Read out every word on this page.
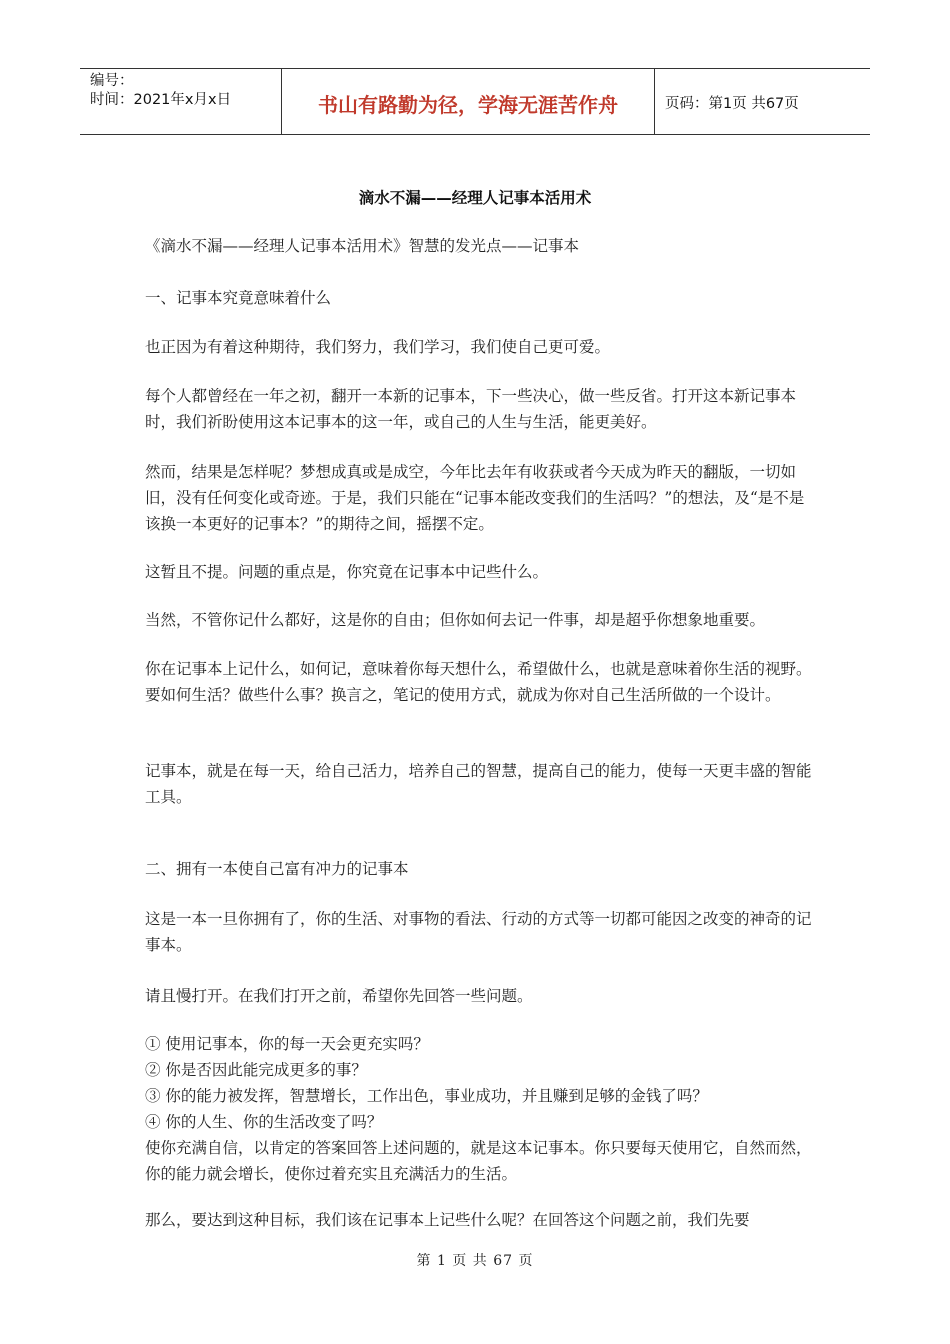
编号：
时间：2021年x月x日	书山有路勤为径，学海无涯苦作舟	页码：第1页 共67页
滴水不漏——经理人记事本活用术

《滴水不漏——经理人记事本活用术》智慧的发光点——记事本

一、记事本究竟意味着什么

也正因为有着这种期待，我们努力，我们学习，我们使自己更可爱。

每个人都曾经在一年之初，翻开一本新的记事本，下一些决心，做一些反省。打开这本新记事本时，我们祈盼使用这本记事本的这一年，或自己的人生与生活，能更美好。

然而，结果是怎样呢？梦想成真或是成空，今年比去年有收获或者今天成为昨天的翻版，一切如旧，没有任何变化或奇迹。于是，我们只能在“记事本能改变我们的生活吗？”的想法，及“是不是该换一本更好的记事本？”的期待之间，摇摆不定。

这暂且不提。问题的重点是，你究竟在记事本中记些什么。

当然，不管你记什么都好，这是你的自由；但你如何去记一件事，却是超乎你想象地重要。

你在记事本上记什么，如何记，意味着你每天想什么，希望做什么，也就是意味着你生活的视野。要如何生活？做些什么事？换言之，笔记的使用方式，就成为你对自己生活所做的一个设计。

记事本，就是在每一天，给自己活力，培养自己的智慧，提高自己的能力，使每一天更丰盛的智能工具。

二、拥有一本使自己富有冲力的记事本

这是一本一旦你拥有了，你的生活、对事物的看法、行动的方式等一切都可能因之改变的神奇的记事本。

请且慢打开。在我们打开之前，希望你先回答一些问题。

① 使用记事本，你的每一天会更充实吗？
② 你是否因此能完成更多的事？
③ 你的能力被发挥，智慧增长，工作出色，事业成功，并且赚到足够的金钱了吗？
④ 你的人生、你的生活改变了吗？
使你充满自信，以肯定的答案回答上述问题的，就是这本记事本。你只要每天使用它，自然而然，你的能力就会增长，使你过着充实且充满活力的生活。

那么，要达到这种目标，我们该在记事本上记些什么呢？在回答这个问题之前，我们先要

第 1 页 共 67 页
